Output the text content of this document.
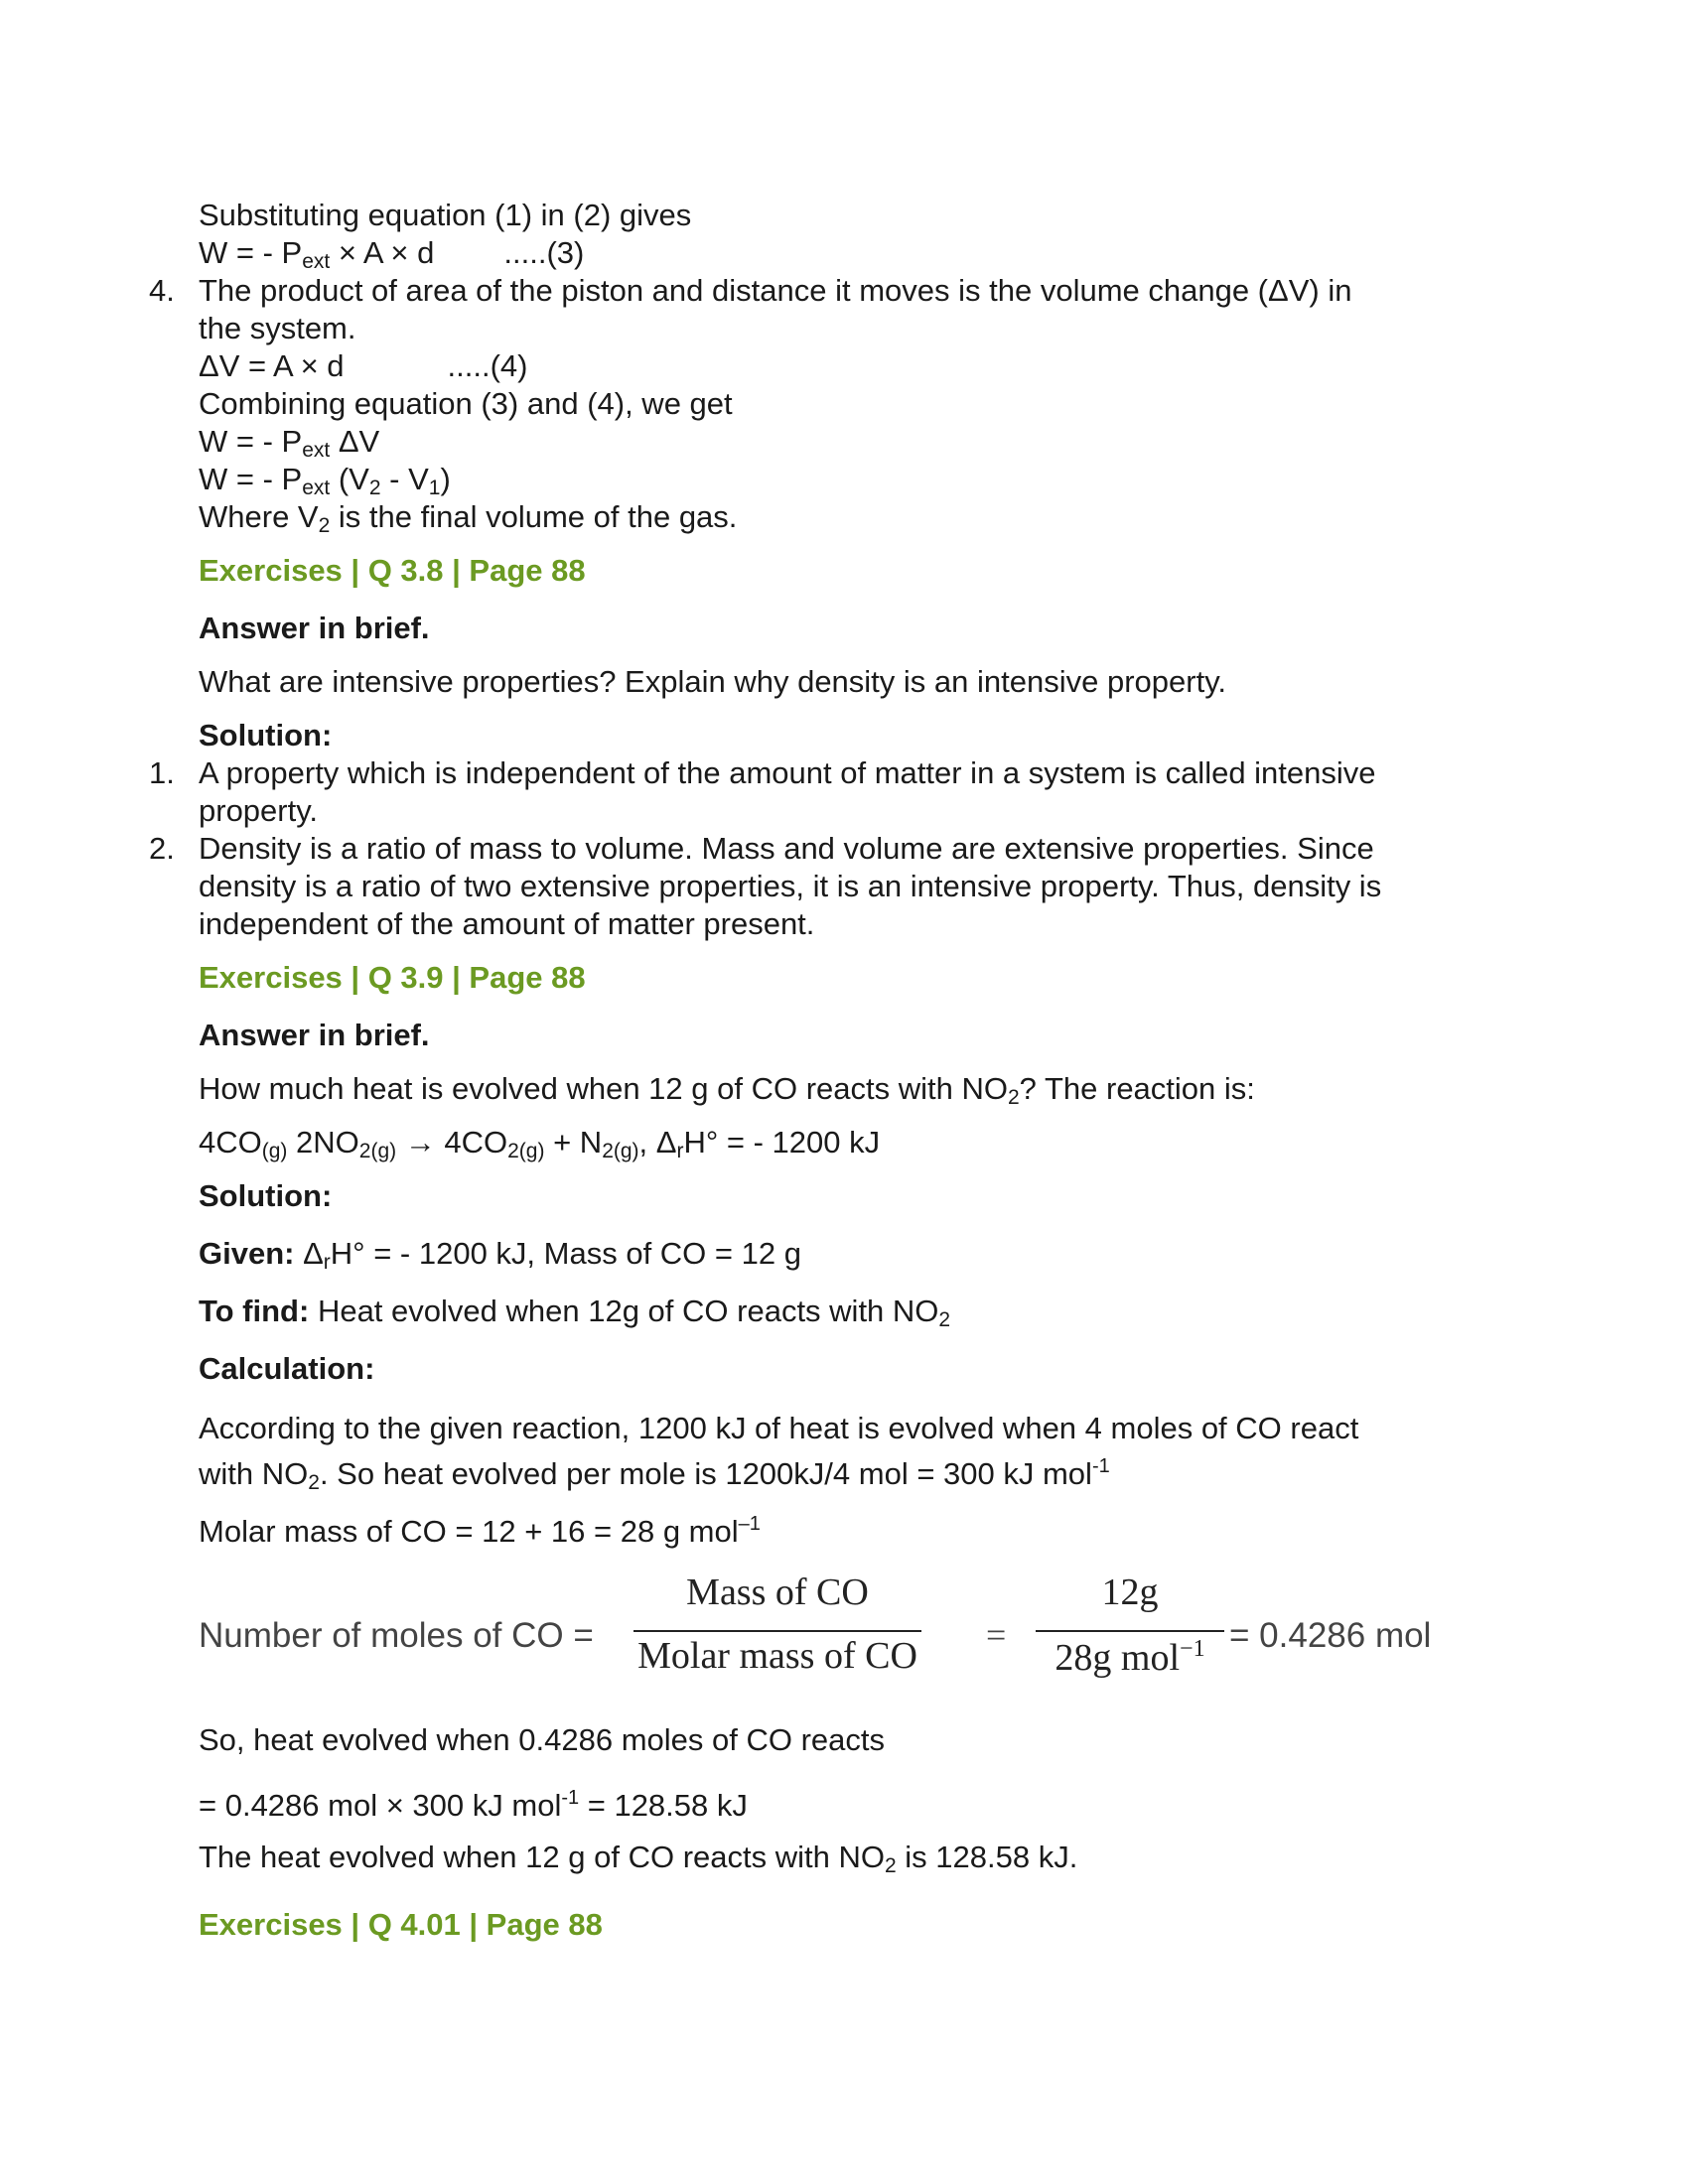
Substituting equation (1) in (2) gives
W = - $P_{ext} \times A \times d$ .....(3)
4. The product of area of the piston and distance it moves is the volume change (ΔV) in
the system.
ΔV = A × d	.....(4)
Combining equation (3) and (4), we get
W = - $P_{ext}$ ΔV
W = - $P_{ext}$ $(V_2 - V_1)$
Where $V_2$ is the final volume of the gas.
Exercises | Q 3.8 | Page 88
Answer in brief.
What are intensive properties? Explain why density is an intensive property.
Solution:
1. A property which is independent of the amount of matter in a system is called intensive
property.
2. Density is a ratio of mass to volume. Mass and volume are extensive properties. Since
density is a ratio of two extensive properties, it is an intensive property. Thus, density is
independent of the amount of matter present.
Exercises | Q 3.9 | Page 88
Answer in brief.
How much heat is evolved when 12 g of CO reacts with $NO_2$? The reaction is:
$4CO_{(g)}$ $2NO_{2(g)} \to 4CO_{2(g)} + N_{2(g)}$, $\Delta_rH^\circ$ = - 1200 kJ
Solution:
Given: $\Delta_rH^\circ$ = - 1200 kJ, Mass of CO = 12 g
To find: Heat evolved when 12g of CO reacts with $NO_2$
Calculation:
According to the given reaction, 1200 kJ of heat is evolved when 4 moles of CO react
with $NO_2$. So heat evolved per mole is 1200kJ/4 mol = 300 kJ mol$^{-1}$
Molar mass of CO = 12 + 16 = 28 g mol$^{-1}$
Number of moles of CO =
Mass of CO
Molar mass of CO =
12g
28g mol$^{-1}$ = 0.4286 mol
So, heat evolved when 0.4286 moles of CO reacts
= 0.4286 mol × 300 kJ mol$^{-1}$ = 128.58 kJ
The heat evolved when 12 g of CO reacts with $NO_2$ is 128.58 kJ.
Exercises | Q 4.01 | Page 88
